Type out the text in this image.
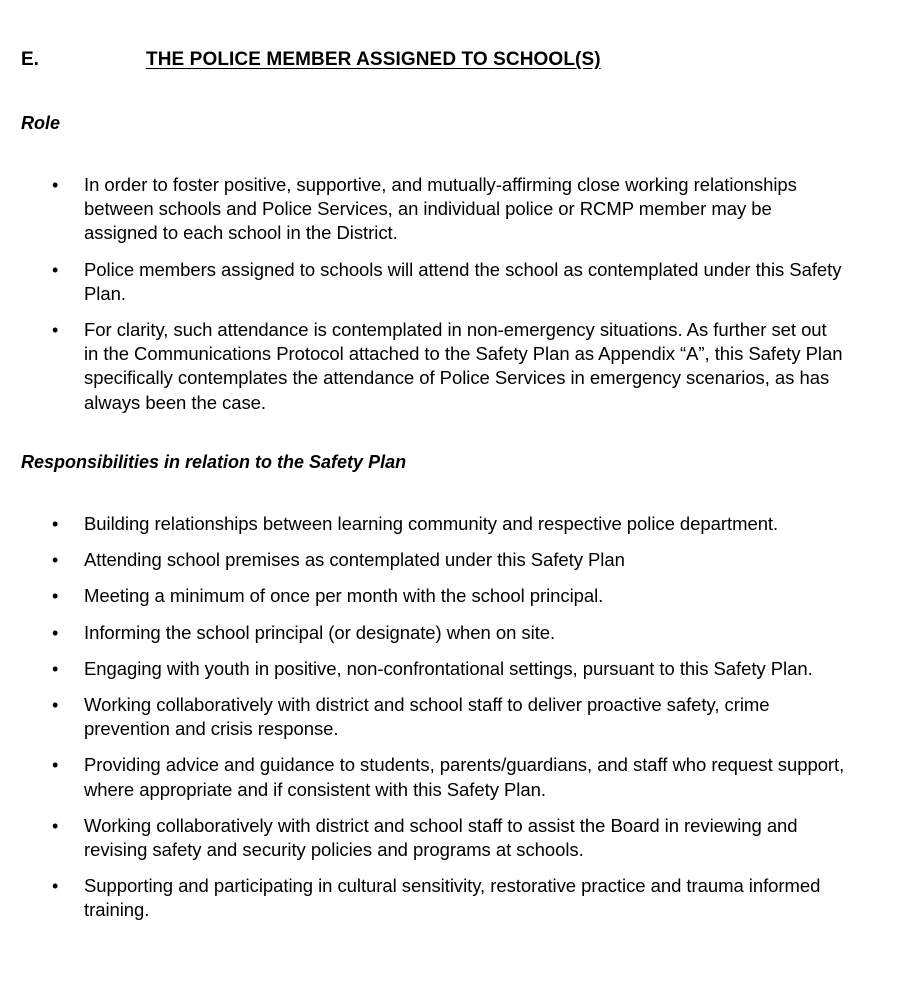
E.	THE POLICE MEMBER ASSIGNED TO SCHOOL(S)
Role
• In order to foster positive, supportive, and mutually-affirming close working relationships between schools and Police Services, an individual police or RCMP member may be assigned to each school in the District.
• Police members assigned to schools will attend the school as contemplated under this Safety Plan.
• For clarity, such attendance is contemplated in non-emergency situations. As further set out in the Communications Protocol attached to the Safety Plan as Appendix “A”, this Safety Plan specifically contemplates the attendance of Police Services in emergency scenarios, as has always been the case.
Responsibilities in relation to the Safety Plan
• Building relationships between learning community and respective police department.
• Attending school premises as contemplated under this Safety Plan
• Meeting a minimum of once per month with the school principal.
• Informing the school principal (or designate) when on site.
• Engaging with youth in positive, non-confrontational settings, pursuant to this Safety Plan.
• Working collaboratively with district and school staff to deliver proactive safety, crime prevention and crisis response.
• Providing advice and guidance to students, parents/guardians, and staff who request support, where appropriate and if consistent with this Safety Plan.
• Working collaboratively with district and school staff to assist the Board in reviewing and revising safety and security policies and programs at schools.
• Supporting and participating in cultural sensitivity, restorative practice and trauma informed training.
